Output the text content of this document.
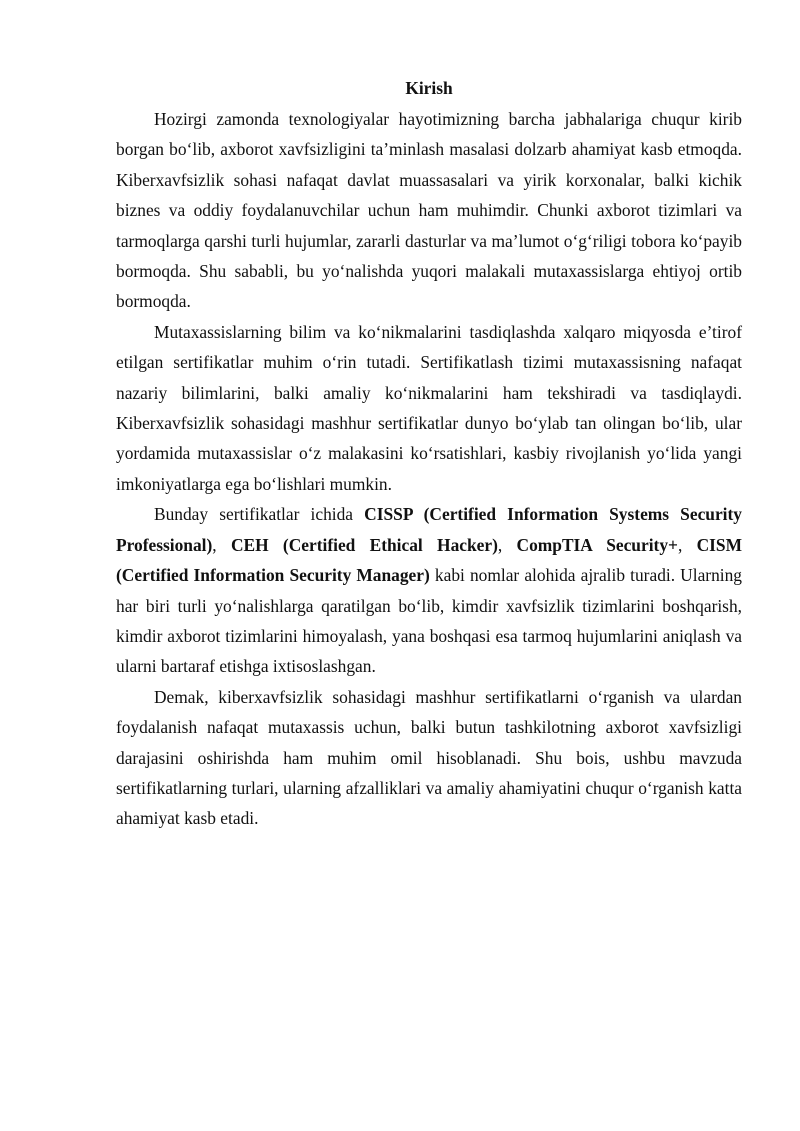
Kirish

Hozirgi zamonda texnologiyalar hayotimizning barcha jabhalariga chuqur kirib borgan bo‘lib, axborot xavfsizligini ta’minlash masalasi dolzarb ahamiyat kasb etmoqda. Kiberxavfsizlik sohasi nafaqat davlat muassasalari va yirik korxonalar, balki kichik biznes va oddiy foydalanuvchilar uchun ham muhimdir. Chunki axborot tizimlari va tarmoqlarga qarshi turli hujumlar, zararli dasturlar va ma’lumot o‘g‘riligi tobora ko‘payib bormoqda. Shu sababli, bu yo‘nalishda yuqori malakali mutaxassislarga ehtiyoj ortib bormoqda.

Mutaxassislarning bilim va ko‘nikmalarini tasdiqlashda xalqaro miqyosda e’tirof etilgan sertifikatlar muhim o‘rin tutadi. Sertifikatlash tizimi mutaxassisning nafaqat nazariy bilimlarini, balki amaliy ko‘nikmalarini ham tekshiradi va tasdiqlaydi. Kiberxavfsizlik sohasidagi mashhur sertifikatlar dunyo bo‘ylab tan olingan bo‘lib, ular yordamida mutaxassislar o‘z malakasini ko‘rsatishlari, kasbiy rivojlanish yo‘lida yangi imkoniyatlarga ega bo‘lishlari mumkin.

Bunday sertifikatlar ichida CISSP (Certified Information Systems Security Professional), CEH (Certified Ethical Hacker), CompTIA Security+, CISM (Certified Information Security Manager) kabi nomlar alohida ajralib turadi. Ularning har biri turli yo‘nalishlarga qaratilgan bo‘lib, kimdir xavfsizlik tizimlarini boshqarish, kimdir axborot tizimlarini himoyalash, yana boshqasi esa tarmoq hujumlarini aniqlash va ularni bartaraf etishga ixtisoslashgan.

Demak, kiberxavfsizlik sohasidagi mashhur sertifikatlarni o‘rganish va ulardan foydalanish nafaqat mutaxassis uchun, balki butun tashkilotning axborot xavfsizligi darajasini oshirishda ham muhim omil hisoblanadi. Shu bois, ushbu mavzuda sertifikatlarning turlari, ularning afzalliklari va amaliy ahamiyatini chuqur o‘rganish katta ahamiyat kasb etadi.
